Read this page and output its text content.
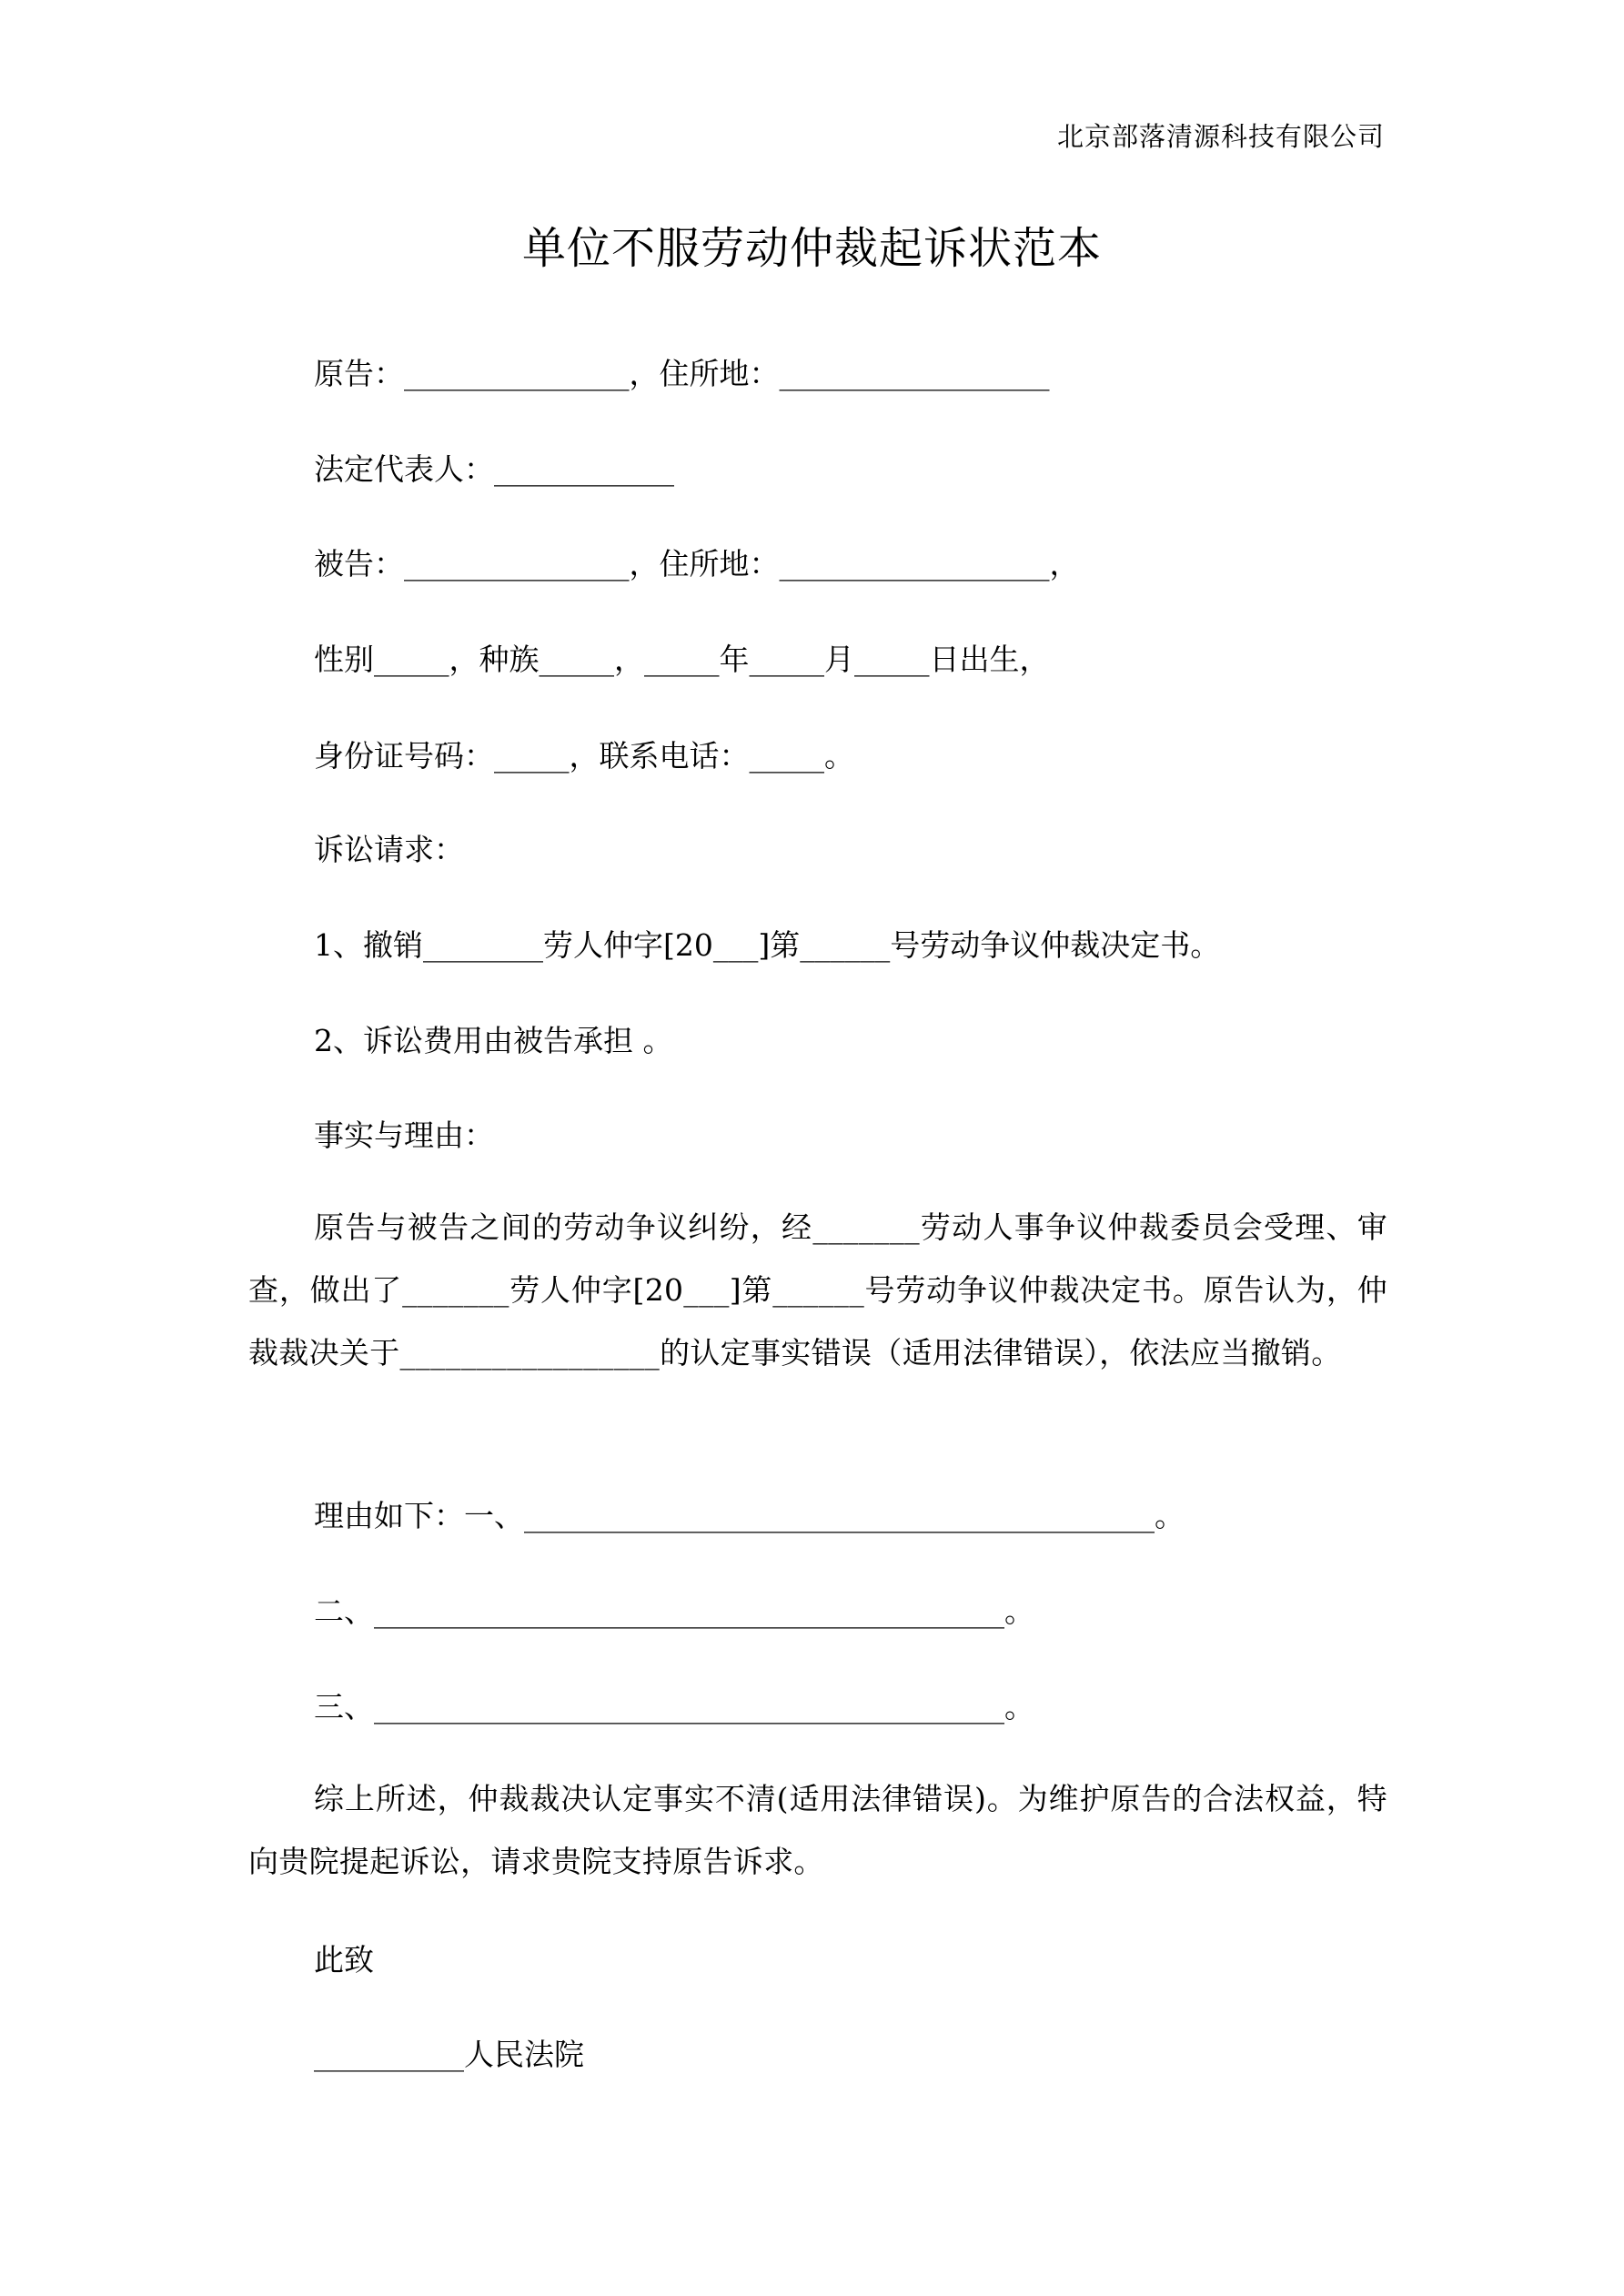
北京部落清源科技有限公司
单位不服劳动仲裁起诉状范本
原告：_______________，住所地：__________________
法定代表人：____________
被告：_______________，住所地：__________________，
性别_____，种族_____，_____年_____月_____日出生，
身份证号码：_____，联系电话：_____。
诉讼请求：
1、撤销________劳人仲字[20___]第______号劳动争议仲裁决定书。
2、诉讼费用由被告承担 。
事实与理由：
原告与被告之间的劳动争议纠纷，经_______劳动人事争议仲裁委员会受理、审查，做出了_______劳人仲字[20___]第______号劳动争议仲裁决定书。原告认为，仲裁裁决关于_________________的认定事实错误（适用法律错误），依法应当撤销。
理由如下：一、__________________________________________。
二、__________________________________________。
三、__________________________________________。
综上所述，仲裁裁决认定事实不清(适用法律错误)。为维护原告的合法权益，特向贵院提起诉讼，请求贵院支持原告诉求。
此致
__________人民法院
